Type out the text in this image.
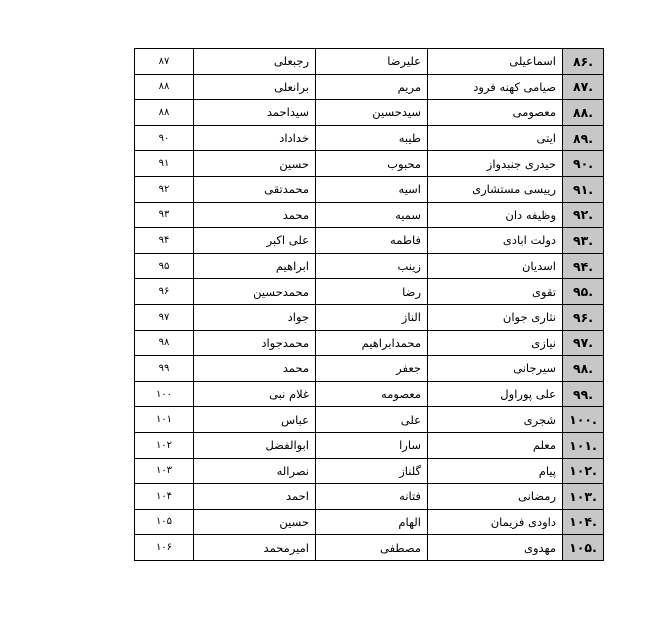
۸۷	رجبعلی	علیرضا	اسماعیلی	.۸۶
۸۸	برانعلی	مریم	صیامی کهنه فرود	.۸۷
۸۸	سیداحمد	سیدحسین	معصومی	.۸۸
۹۰	خداداد	طیبه	ایتی	.۸۹
۹۱	حسین	محبوب	حیدری جنبدواز	.۹۰
۹۲	محمدتقی	اسیه	رییسی مستشاری	.۹۱
۹۳	محمد	سمیه	وظیفه دان	.۹۲
۹۴	علی اکبر	فاطمه	دولت ابادی	.۹۳
۹۵	ابراهیم	زینب	اسدیان	.۹۴
۹۶	محمدحسین	رضا	تقوی	.۹۵
۹۷	جواد	الناز	نثاری جوان	.۹۶
۹۸	محمدجواد	محمدابراهیم	نیازی	.۹۷
۹۹	محمد	جعفر	سیرجانی	.۹۸
۱۰۰	غلام نبی	معصومه	علی پوراول	.۹۹
۱۰۱	عباس	علی	شجری	.۱۰۰
۱۰۲	ابوالفضل	سارا	معلم	.۱۰۱
۱۰۳	نصراله	گلناز	پیام	.۱۰۲
۱۰۴	احمد	فتانه	رمضانی	.۱۰۳
۱۰۵	حسین	الهام	داودی فریمان	.۱۰۴
۱۰۶	امیرمحمد	مصطفی	مهدوی	.۱۰۵
